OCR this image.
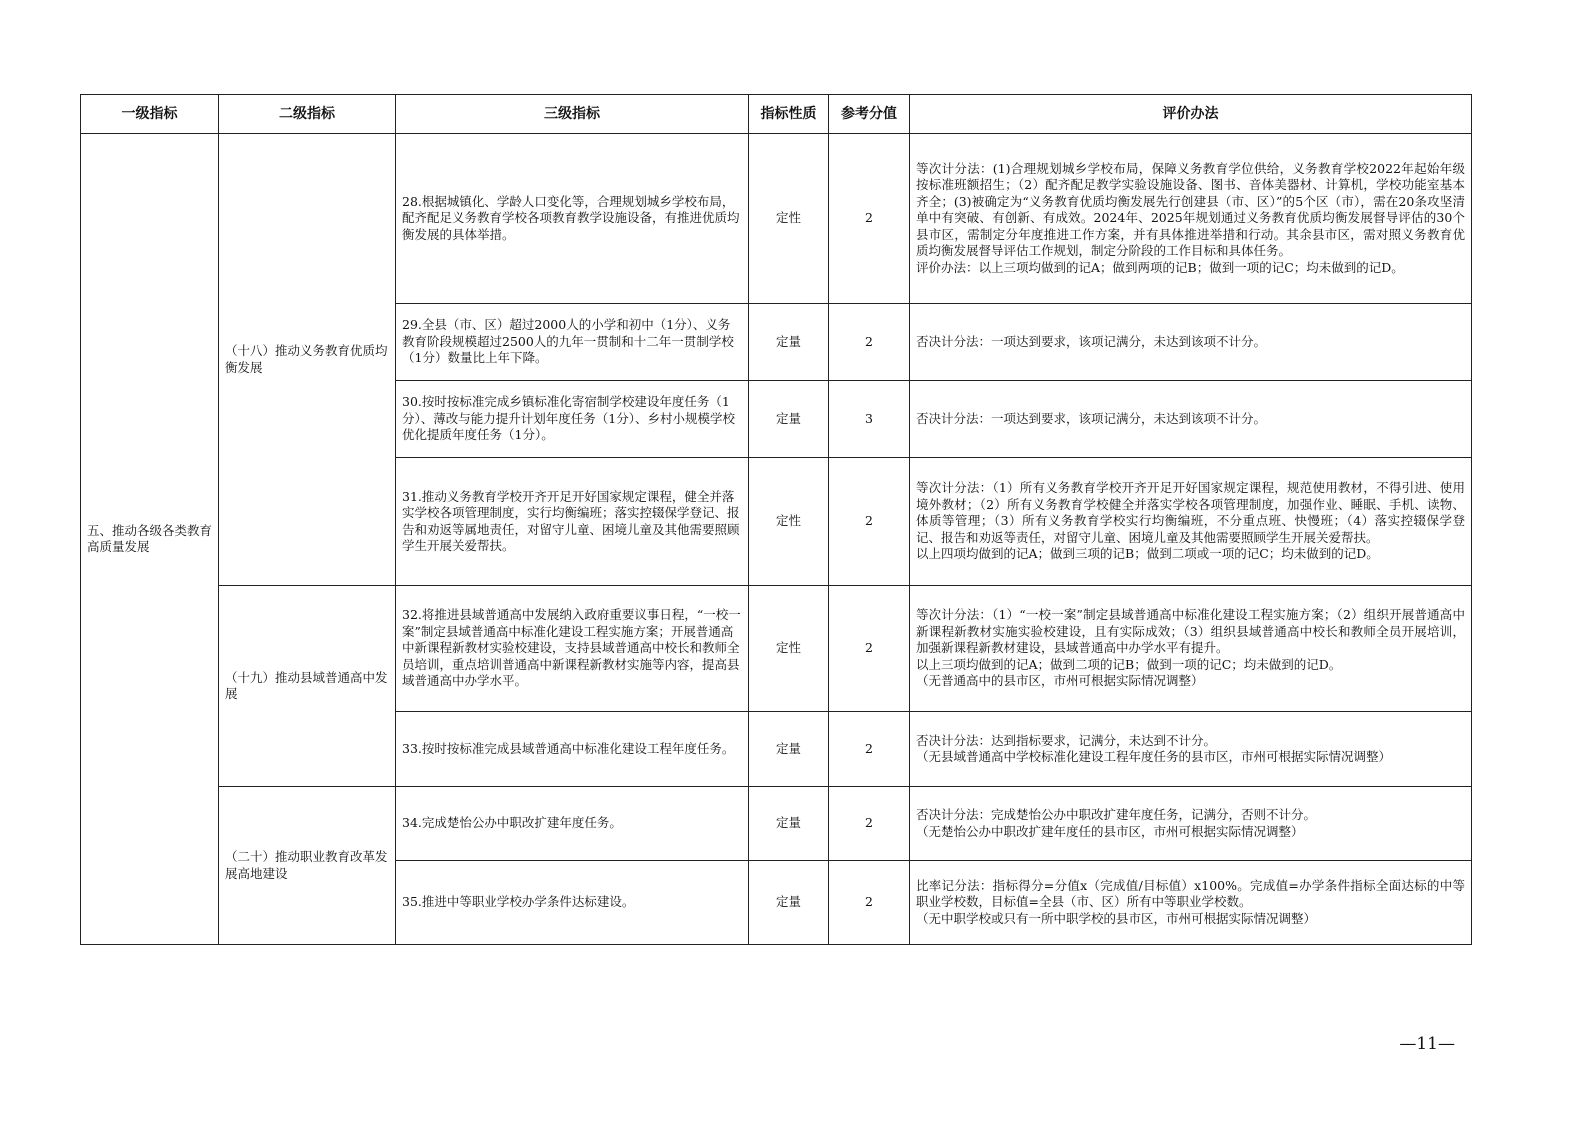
一级指标	二级指标	三级指标	指标性质	参考分值	评价办法
五、推动各级各类教育高质量发展	（十八）推动义务教育优质均衡发展	28.根据城镇化、学龄人口变化等，合理规划城乡学校布局，配齐配足义务教育学校各项教育教学设施设备，有推进优质均衡发展的具体举措。	定性	2	等次计分法：(1)合理规划城乡学校布局，保障义务教育学位供给，义务教育学校2022年起始年级按标准班额招生；（2）配齐配足教学实验设施设备、图书、音体美器材、计算机，学校功能室基本齐全；(3)被确定为“义务教育优质均衡发展先行创建县（市、区）”的5个区（市），需在20条攻坚清单中有突破、有创新、有成效。2024年、2025年规划通过义务教育优质均衡发展督导评估的30个县市区，需制定分年度推进工作方案，并有具体推进举措和行动。其余县市区，需对照义务教育优质均衡发展督导评估工作规划，制定分阶段的工作目标和具体任务。
评价办法：以上三项均做到的记A；做到两项的记B；做到一项的记C；均未做到的记D。

		29.全县（市、区）超过2000人的小学和初中（1分）、义务教育阶段规模超过2500人的九年一贯制和十二年一贯制学校（1分）数量比上年下降。	定量	2	否决计分法：一项达到要求，该项记满分，未达到该项不计分。

		30.按时按标准完成乡镇标准化寄宿制学校建设年度任务（1分）、薄改与能力提升计划年度任务（1分）、乡村小规模学校优化提质年度任务（1分）。	定量	3	否决计分法：一项达到要求，该项记满分，未达到该项不计分。

		31.推动义务教育学校开齐开足开好国家规定课程，健全并落实学校各项管理制度，实行均衡编班；落实控辍保学登记、报告和劝返等属地责任，对留守儿童、困境儿童及其他需要照顾学生开展关爱帮扶。	定性	2	等次计分法：（1）所有义务教育学校开齐开足开好国家规定课程，规范使用教材，不得引进、使用境外教材；（2）所有义务教育学校健全并落实学校各项管理制度，加强作业、睡眠、手机、读物、体质等管理；（3）所有义务教育学校实行均衡编班，不分重点班、快慢班；（4）落实控辍保学登记、报告和劝返等责任，对留守儿童、困境儿童及其他需要照顾学生开展关爱帮扶。
以上四项均做到的记A；做到三项的记B；做到二项或一项的记C；均未做到的记D。

	（十九）推动县域普通高中发展	32.将推进县域普通高中发展纳入政府重要议事日程，“一校一案”制定县域普通高中标准化建设工程实施方案；开展普通高中新课程新教材实验校建设，支持县域普通高中校长和教师全员培训，重点培训普通高中新课程新教材实施等内容，提高县域普通高中办学水平。	定性	2	等次计分法：（1）“一校一案”制定县域普通高中标准化建设工程实施方案；（2）组织开展普通高中新课程新教材实施实验校建设，且有实际成效；（3）组织县域普通高中校长和教师全员开展培训，加强新课程新教材建设，县域普通高中办学水平有提升。
以上三项均做到的记A；做到二项的记B；做到一项的记C；均未做到的记D。
（无普通高中的县市区，市州可根据实际情况调整）

		33.按时按标准完成县域普通高中标准化建设工程年度任务。	定量	2	否决计分法：达到指标要求，记满分，未达到不计分。
（无县域普通高中学校标准化建设工程年度任务的县市区，市州可根据实际情况调整）

	（二十）推动职业教育改革发展高地建设	34.完成楚怡公办中职改扩建年度任务。	定量	2	否决计分法：完成楚怡公办中职改扩建年度任务，记满分，否则不计分。
（无楚怡公办中职改扩建年度任的县市区，市州可根据实际情况调整）

		35.推进中等职业学校办学条件达标建设。	定量	2	比率记分法：指标得分=分值x（完成值/目标值）x100%。完成值=办学条件指标全面达标的中等职业学校数，目标值=全县（市、区）所有中等职业学校数。
（无中职学校或只有一所中职学校的县市区，市州可根据实际情况调整）
—11—
